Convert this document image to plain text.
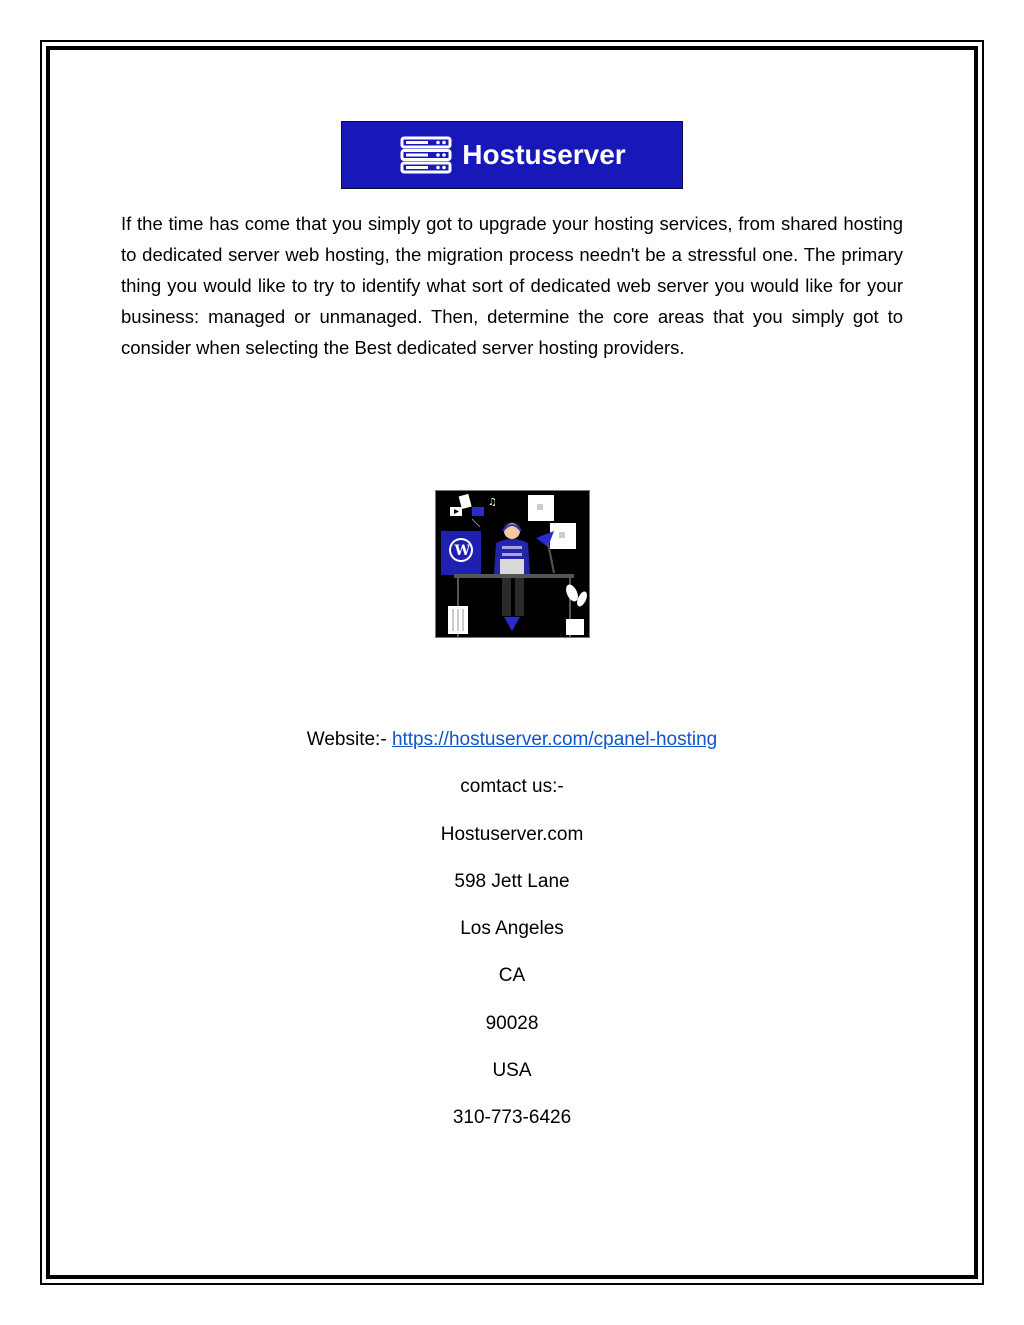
Hostuserver

If the time has come that you simply got to upgrade your hosting services, from shared hosting to dedicated server web hosting, the migration process needn't be a stressful one. The primary thing you would like to try to identify what sort of dedicated web server you would like for your business: managed or unmanaged. Then, determine the core areas that you simply got to consider when selecting the Best dedicated server hosting providers.

♫
W
Website:- https://hostuserver.com/cpanel-hosting
comtact us:-
Hostuserver.com
598 Jett Lane
Los Angeles
CA
90028
USA
310-773-6426
